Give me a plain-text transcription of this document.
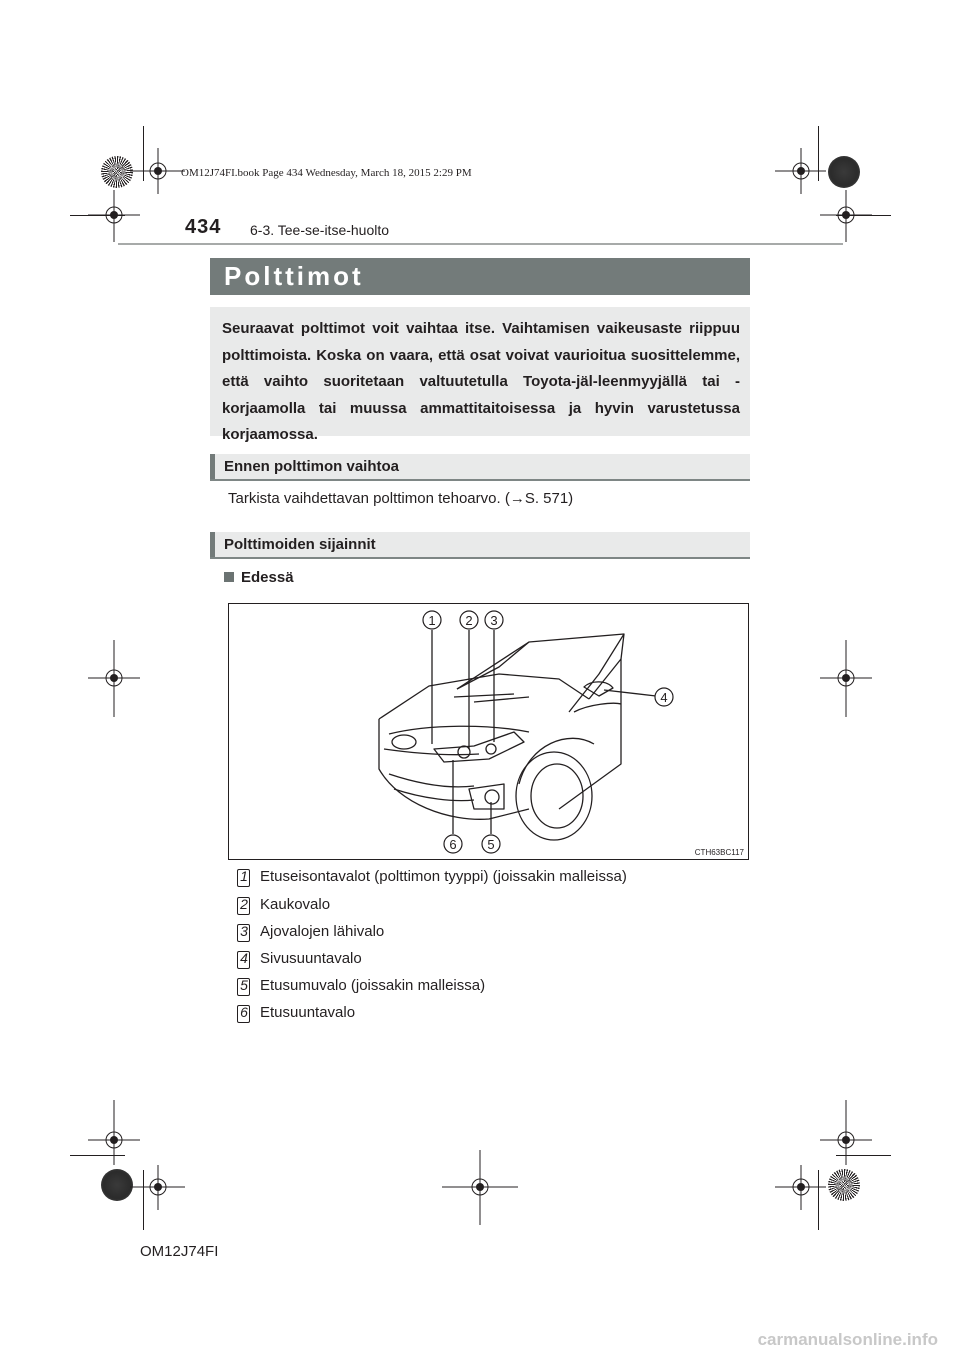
OM12J74FI.book Page 434 Wednesday, March 18, 2015 2:29 PM
434 6-3. Tee-se-itse-huolto
Polttimot
Seuraavat polttimot voit vaihtaa itse. Vaihtamisen vaikeusaste riippuu polttimoista. Koska on vaara, että osat voivat vaurioitua suosittelemme, että vaihto suoritetaan valtuutetulla Toyota-jäl-leenmyyjällä tai -korjaamolla tai muussa ammattitaitoisessa ja hyvin varustetussa korjaamossa.
Ennen polttimon vaihtoa
Tarkista vaihdettavan polttimon tehoarvo. (→S. 571)
Polttimoiden sijainnit
Edessä
1 2 3
4
5
6
CTH63BC117
1 Etuseisontavalot (polttimon tyyppi) (joissakin malleissa)
2 Kaukovalo
3 Ajovalojen lähivalo
4 Sivusuuntavalo
5 Etusumuvalo (joissakin malleissa)
6 Etusuuntavalo
OM12J74FI
carmanualsonline.info
